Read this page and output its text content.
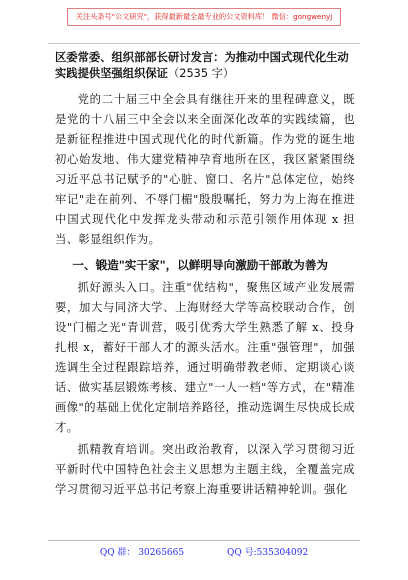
关注头条号"公文研究"，获得最新最全最专业的公文资料库！ 微信：gongwenyj
区委常委、组织部部长研讨发言：为推动中国式现代化生动实践提供坚强组织保证（2535 字）

党的二十届三中全会具有继往开来的里程碑意义，既是党的十八届三中全会以来全面深化改革的实践续篇，也是新征程推进中国式现代化的时代新篇。作为党的诞生地初心始发地、伟大建党精神孕育地所在区，我区紧紧围绕习近平总书记赋予的"心脏、窗口、名片"总体定位，始终牢记"走在前列、不辱门楣"殷殷嘱托，努力为上海在推进中国式现代化中发挥龙头带动和示范引领作用体现 x 担当、彰显组织作为。

一、锻造"实干家"，以鲜明导向激励干部敢为善为

抓好源头入口。注重"优结构"，聚焦区域产业发展需要，加大与同济大学、上海财经大学等高校联动合作，创设"门楣之光"青训营，吸引优秀大学生熟悉了解 x、投身扎根 x，蓄好干部人才的源头活水。注重"强管理"，加强选调生全过程跟踪培养，通过明确带教老师、定期谈心谈话、做实基层锻炼考核、建立"一人一档"等方式，在"精准画像"的基础上优化定制培养路径，推动选调生尽快成长成才。

抓精教育培训。突出政治教育，以深入学习贯彻习近平新时代中国特色社会主义思想为主题主线，全覆盖完成学习贯彻习近平总书记考察上海重要讲话精神轮训。强化

QQ 群： 30265665	QQ 号:535304092
